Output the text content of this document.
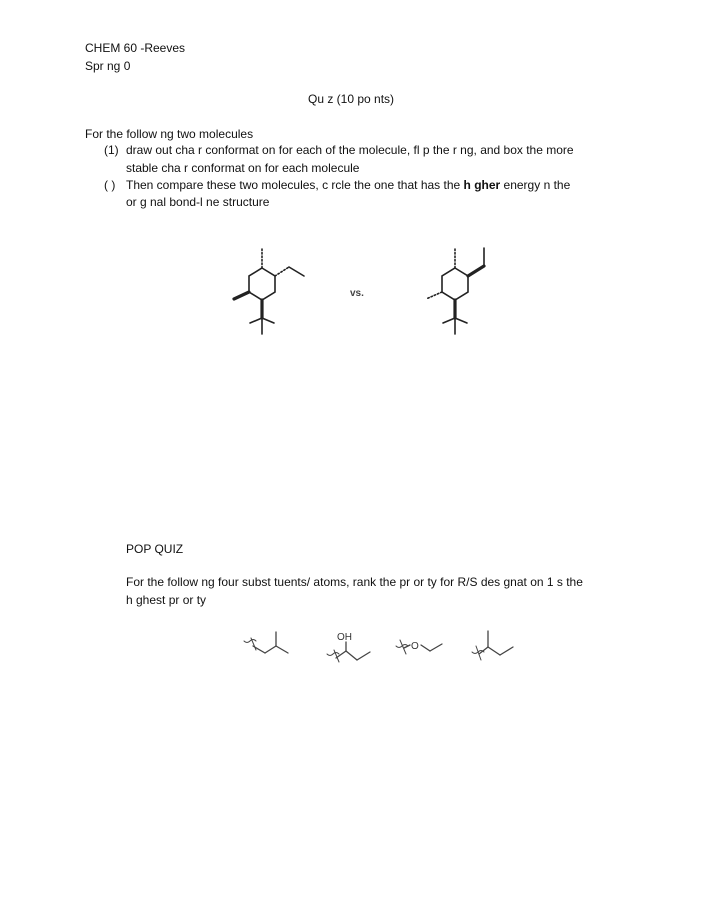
CHEM 60 -Reeves
Spr ng 0
Qu z (10 po nts)
For the follow ng two molecules
(1) draw out cha r conformat on for each of the molecule, fl p the r ng, and box the more
stable cha r conformat on for each molecule
( ) Then compare these two molecules, c rcle the one that has the h gher energy n the
or g nal bond-l ne structure
vs.
POP QUIZ
For the follow ng four subst tuents/ atoms, rank the pr or ty for R/S des gnat on 1 s the
h ghest pr or ty
OH
O
